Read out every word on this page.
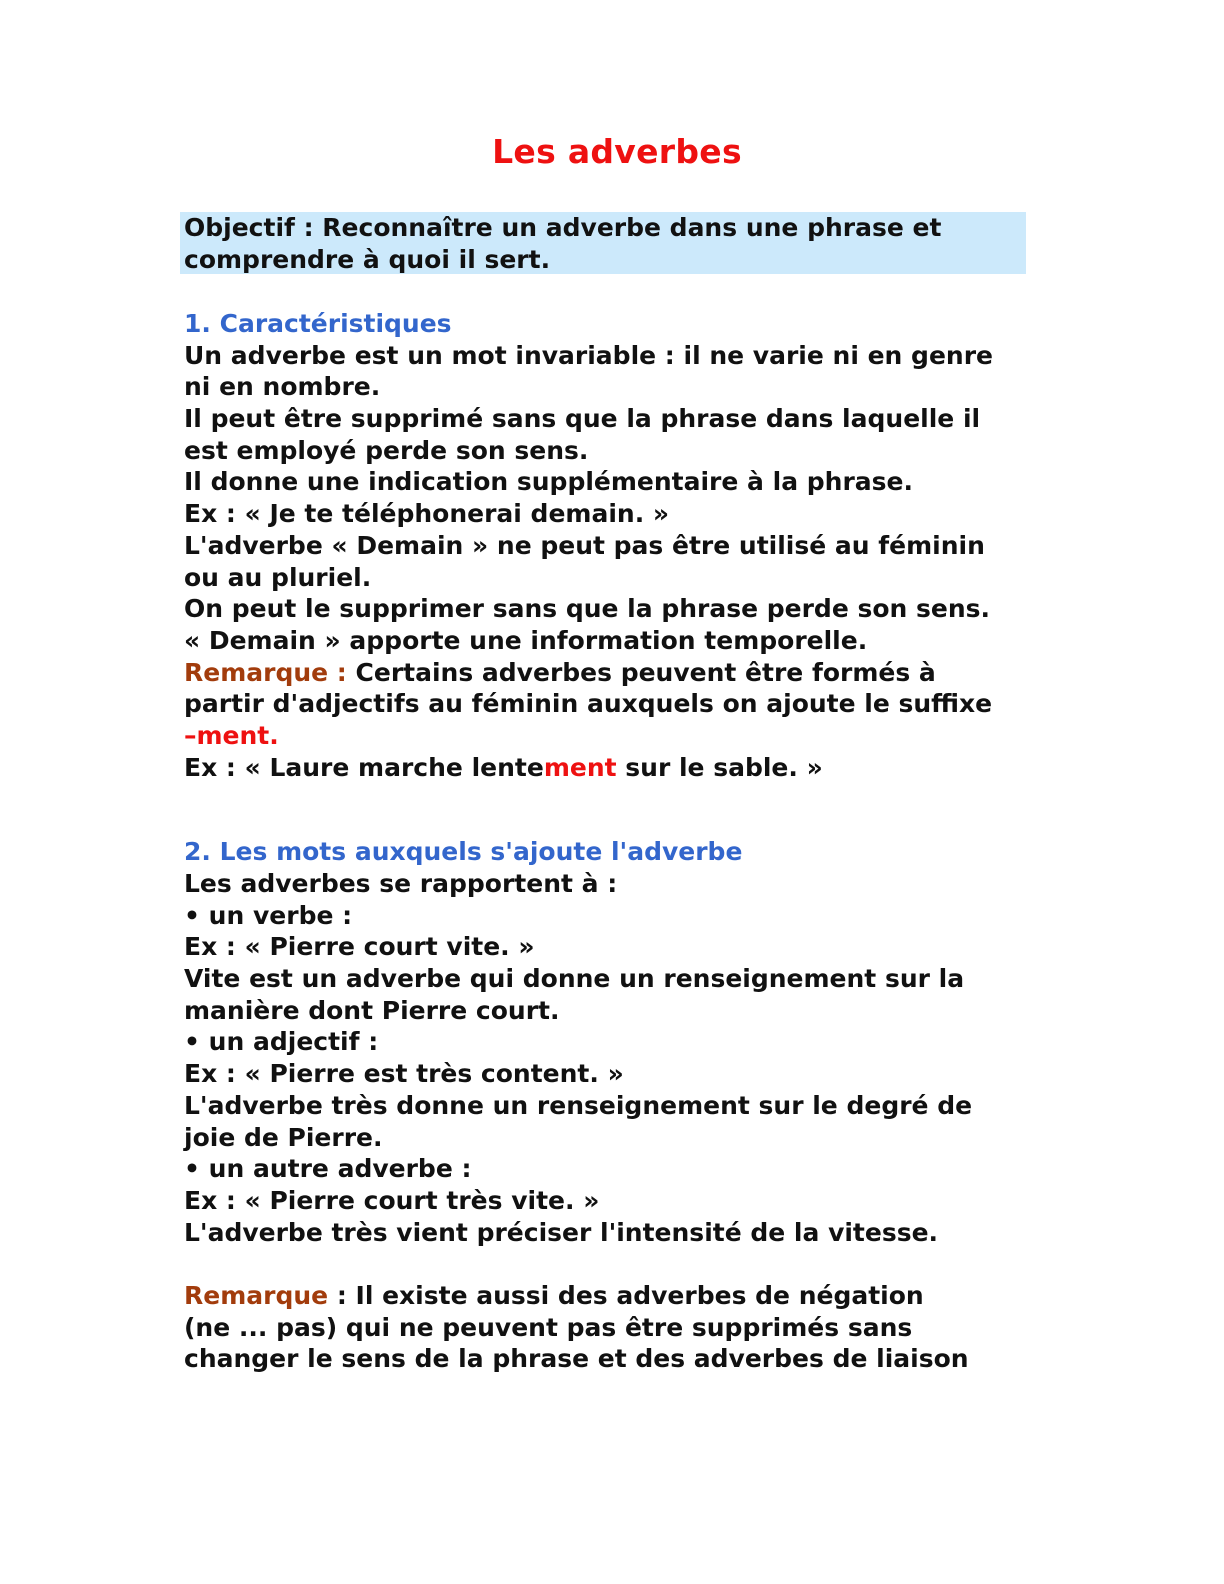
Les adverbes
Objectif : Reconnaître un adverbe dans une phrase et
comprendre à quoi il sert.
1. Caractéristiques
Un adverbe est un mot invariable : il ne varie ni en genre
ni en nombre.
Il peut être supprimé sans que la phrase dans laquelle il
est employé perde son sens.
Il donne une indication supplémentaire à la phrase.
Ex : « Je te téléphonerai demain. »
L'adverbe « Demain » ne peut pas être utilisé au féminin
ou au pluriel.
On peut le supprimer sans que la phrase perde son sens.
« Demain » apporte une information temporelle.
Remarque : Certains adverbes peuvent être formés à
partir d'adjectifs au féminin auxquels on ajoute le suffixe
–ment.
Ex : « Laure marche lentement sur le sable. »
2. Les mots auxquels s'ajoute l'adverbe
Les adverbes se rapportent à :
• un verbe :
Ex : « Pierre court vite. »
Vite est un adverbe qui donne un renseignement sur la
manière dont Pierre court.
• un adjectif :
Ex : « Pierre est très content. »
L'adverbe très donne un renseignement sur le degré de
joie de Pierre.
• un autre adverbe :
Ex : « Pierre court très vite. »
L'adverbe très vient préciser l'intensité de la vitesse.
Remarque : Il existe aussi des adverbes de négation
(ne ... pas) qui ne peuvent pas être supprimés sans
changer le sens de la phrase et des adverbes de liaison
